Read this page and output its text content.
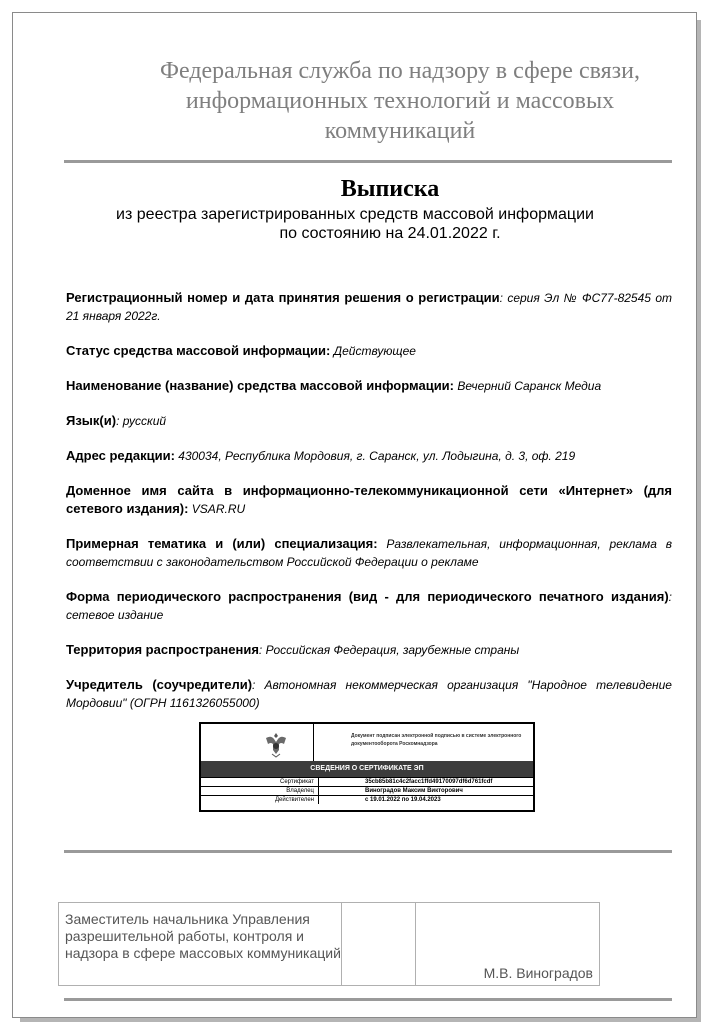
Федеральная служба по надзору в сфере связи, информационных технологий и массовых коммуникаций
Выписка
из реестра зарегистрированных средств массовой информации
по состоянию на 24.01.2022 г.
Регистрационный номер и дата принятия решения о регистрации: серия Эл № ФС77-82545 от 21 января 2022г.
Статус средства массовой информации: Действующее
Наименование (название) средства массовой информации: Вечерний Саранск Медиа
Язык(и): русский
Адрес редакции: 430034, Республика Мордовия, г. Саранск, ул. Лодыгина, д. 3, оф. 219
Доменное имя сайта в информационно-телекоммуникационной сети «Интернет» (для сетевого издания): VSAR.RU
Примерная тематика и (или) специализация: Развлекательная, информационная, реклама в соответствии с законодательством Российской Федерации о рекламе
Форма периодического распространения (вид - для периодического печатного издания): сетевое издание
Территория распространения: Российская Федерация, зарубежные страны
Учредитель (соучредители): Автономная некоммерческая организация "Народное телевидение Мордовии" (ОГРН 1161326055000)
Документ подписан электронной подписью в системе электронного документооборота Роскомнадзора
СВЕДЕНИЯ О СЕРТИФИКАТЕ ЭП
Сертификат	35cb85b81c4c2facc1ffd49170097df6d761fcdf
Владелец	Виноградов Максим Викторович
Действителен	с 19.01.2022 по 19.04.2023
Заместитель начальника Управления разрешительной работы, контроля и надзора в сфере массовых коммуникаций
М.В. Виноградов
